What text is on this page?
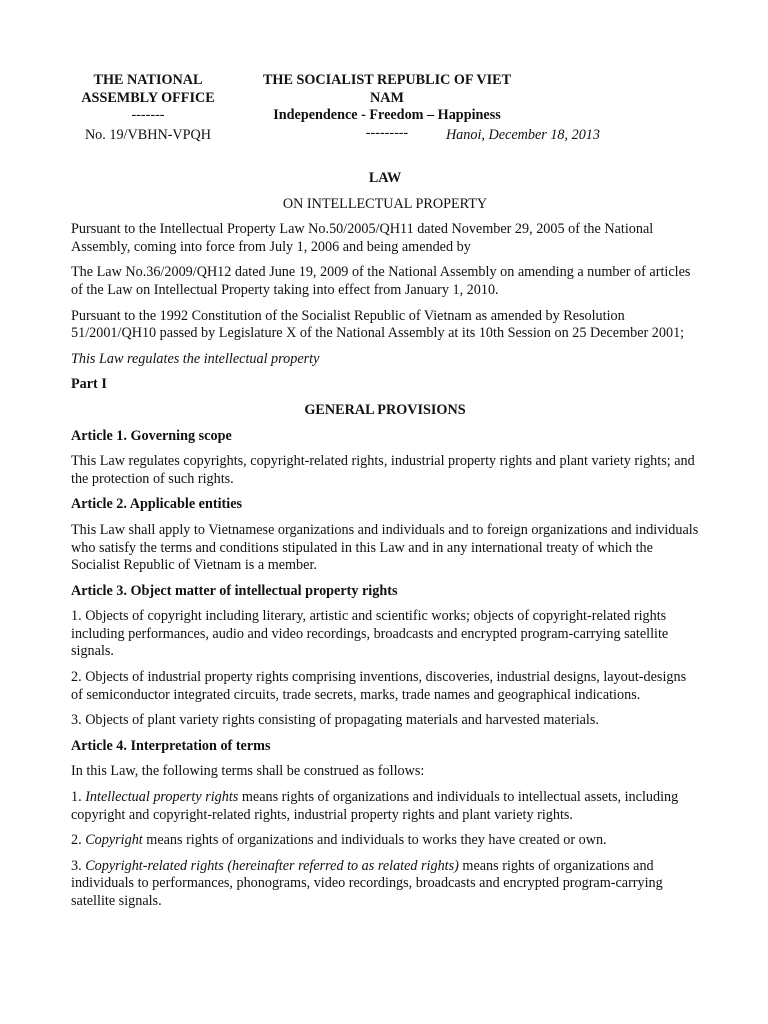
THE NATIONAL
ASSEMBLY OFFICE
-------
No. 19/VBHN-VPQH
THE SOCIALIST REPUBLIC OF VIET NAM
Independence - Freedom – Happiness
---------	Hanoi, December 18, 2013
LAW
ON INTELLECTUAL PROPERTY

Pursuant to the Intellectual Property Law No.50/2005/QH11 dated November 29, 2005 of the National Assembly, coming into force from July 1, 2006 and being amended by

The Law No.36/2009/QH12 dated June 19, 2009 of the National Assembly on amending a number of articles of the Law on Intellectual Property taking into effect from January 1, 2010.

Pursuant to the 1992 Constitution of the Socialist Republic of Vietnam as amended by Resolution 51/2001/QH10 passed by Legislature X of the National Assembly at its 10th Session on 25 December 2001;

This Law regulates the intellectual property

Part I

GENERAL PROVISIONS

Article 1. Governing scope

This Law regulates copyrights, copyright-related rights, industrial property rights and plant variety rights; and the protection of such rights.

Article 2. Applicable entities

This Law shall apply to Vietnamese organizations and individuals and to foreign organizations and individuals who satisfy the terms and conditions stipulated in this Law and in any international treaty of which the Socialist Republic of Vietnam is a member.

Article 3. Object matter of intellectual property rights

1. Objects of copyright including literary, artistic and scientific works; objects of copyright-related rights including performances, audio and video recordings, broadcasts and encrypted program-carrying satellite signals.

2. Objects of industrial property rights comprising inventions, discoveries, industrial designs, layout-designs of semiconductor integrated circuits, trade secrets, marks, trade names and geographical indications.

3. Objects of plant variety rights consisting of propagating materials and harvested materials.

Article 4. Interpretation of terms

In this Law, the following terms shall be construed as follows:

1. Intellectual property rights means rights of organizations and individuals to intellectual assets, including copyright and copyright-related rights, industrial property rights and plant variety rights.

2. Copyright means rights of organizations and individuals to works they have created or own.

3. Copyright-related rights (hereinafter referred to as related rights) means rights of organizations and individuals to performances, phonograms, video recordings, broadcasts and encrypted program-carrying satellite signals.
